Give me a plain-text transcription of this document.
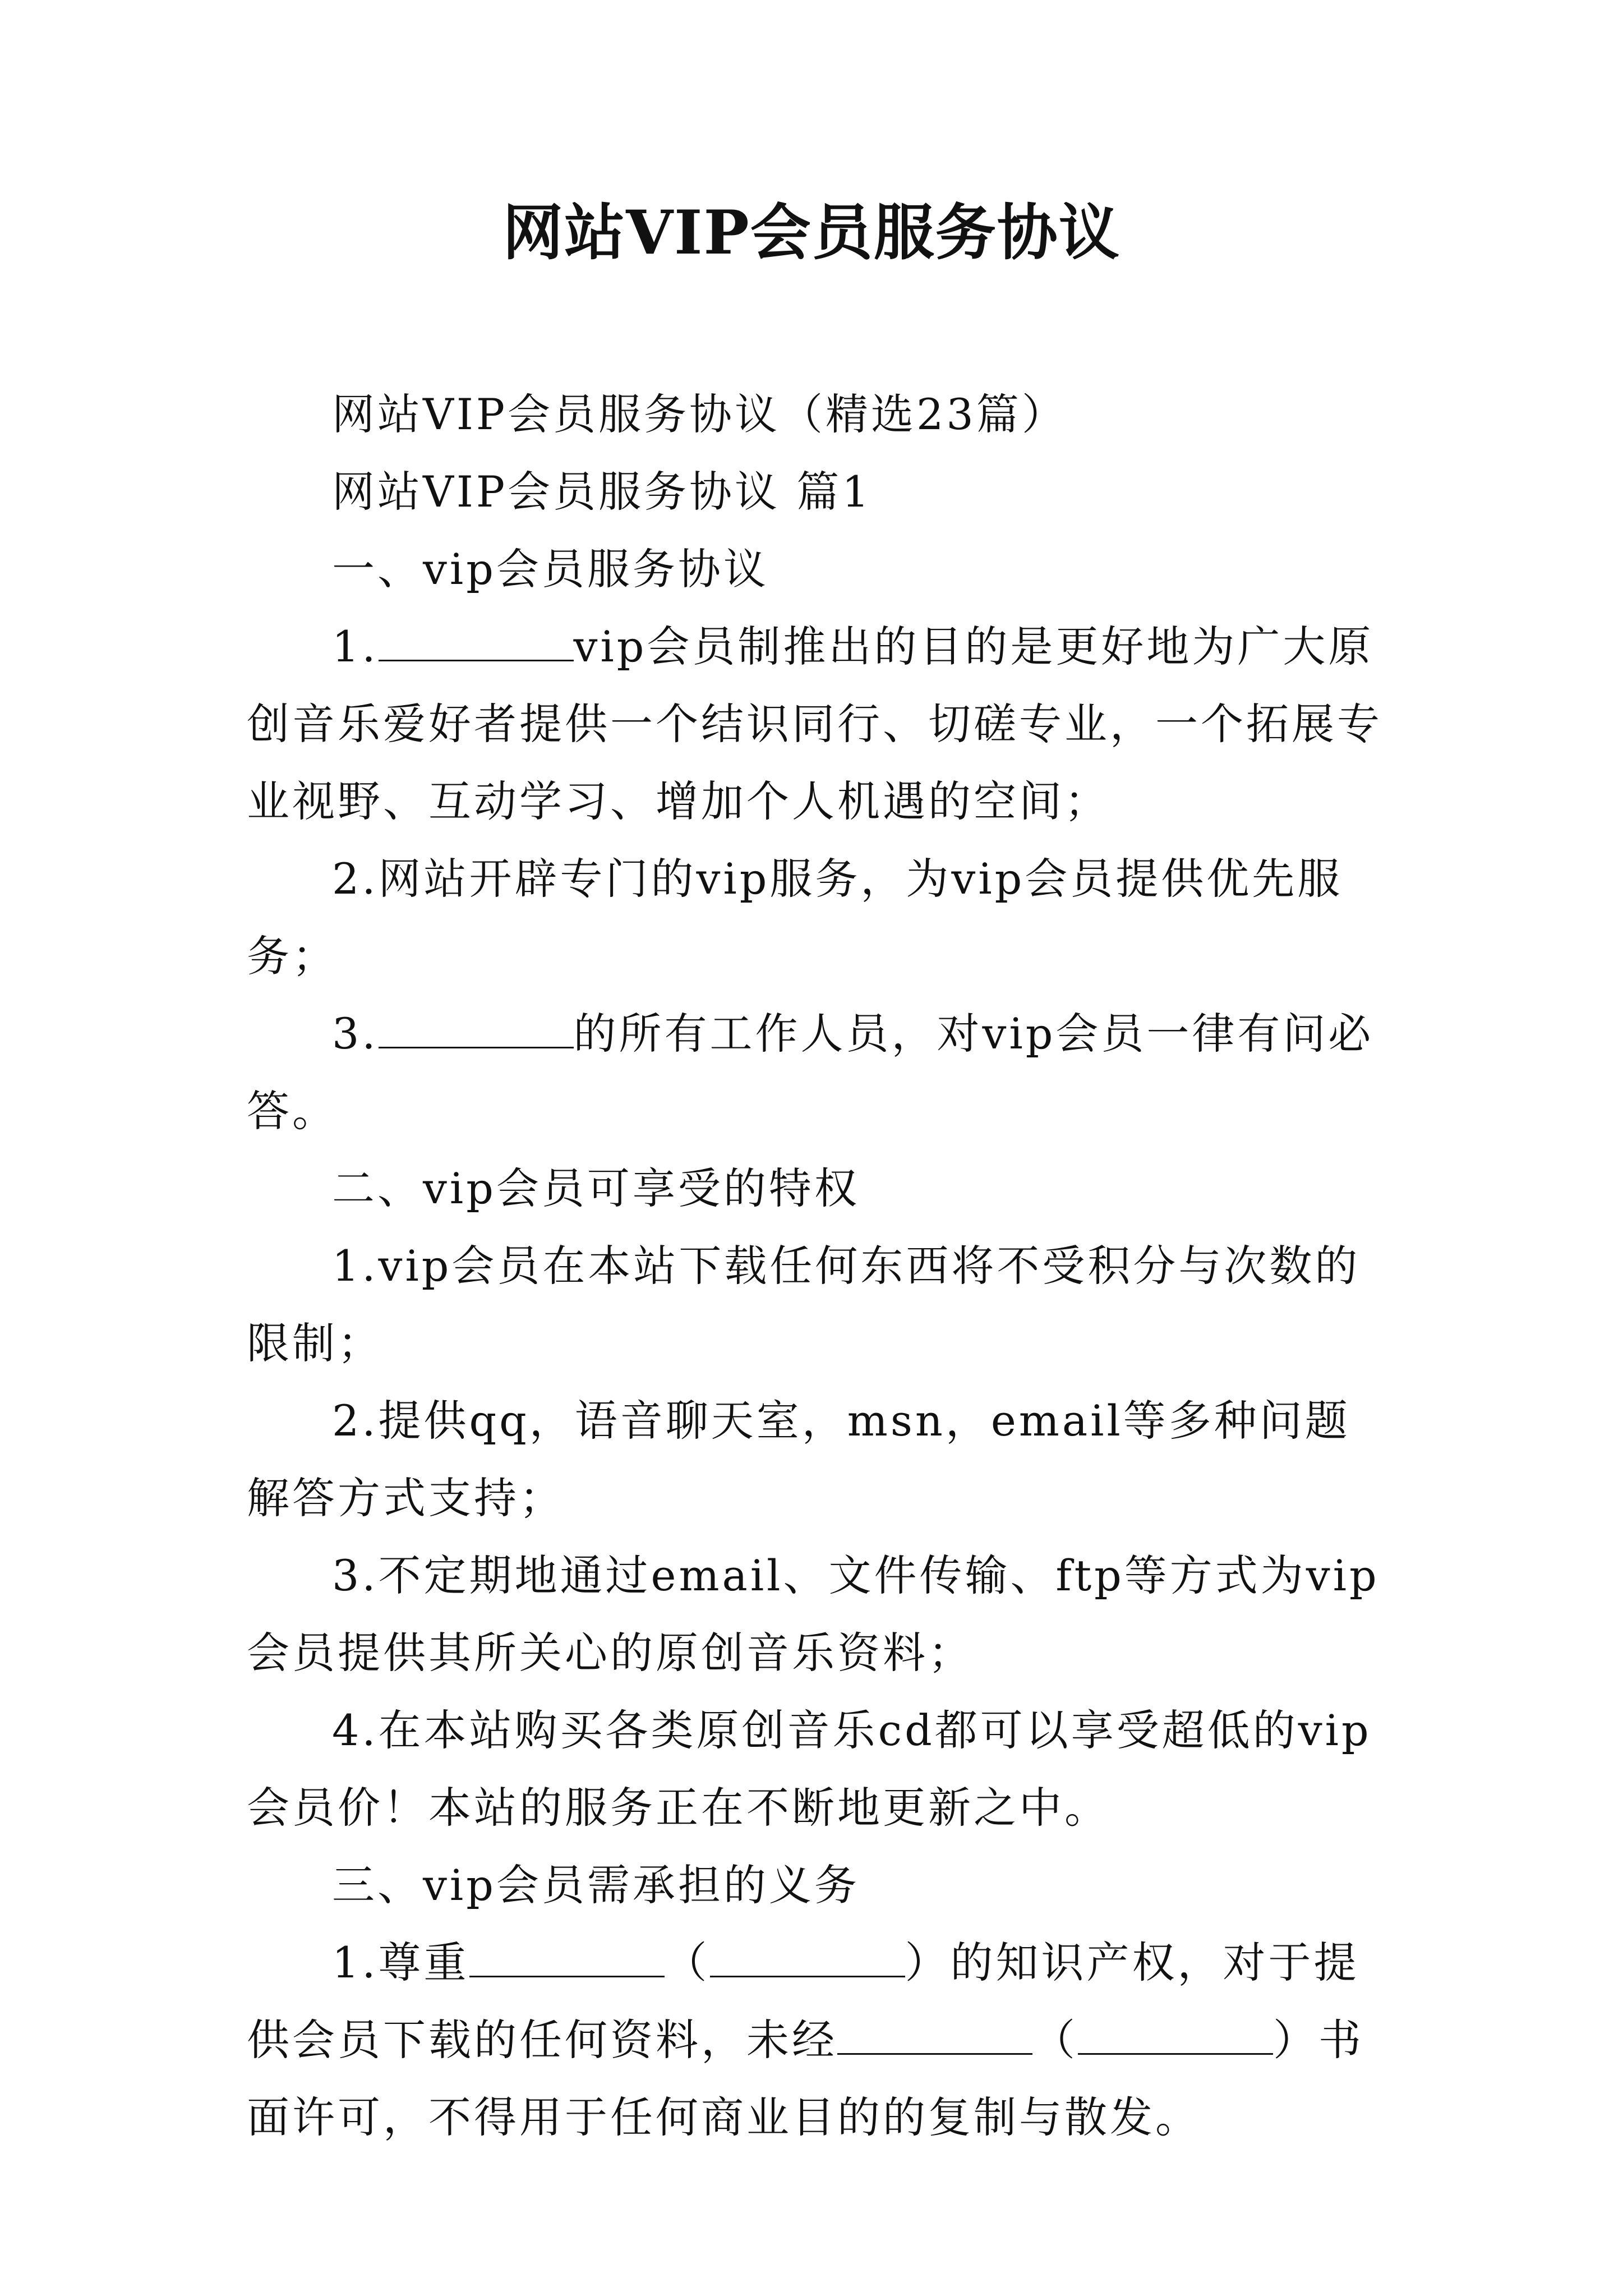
网站VIP会员服务协议

网站VIP会员服务协议（精选23篇）

网站VIP会员服务协议 篇1

一、vip会员服务协议

1.	vip会员制推出的目的是更好地为广大原创音乐爱好者提供一个结识同行、切磋专业，一个拓展专业视野、互动学习、增加个人机遇的空间；

2.网站开辟专门的vip服务，为vip会员提供优先服务；

3.	的所有工作人员，对vip会员一律有问必答。

二、vip会员可享受的特权

1.vip会员在本站下载任何东西将不受积分与次数的限制；

2.提供qq，语音聊天室，msn，email等多种问题解答方式支持；

3.不定期地通过email、文件传输、ftp等方式为vip会员提供其所关心的原创音乐资料；

4.在本站购买各类原创音乐cd都可以享受超低的vip会员价！本站的服务正在不断地更新之中。

三、vip会员需承担的义务

1.尊重	（	）的知识产权，对于提供会员下载的任何资料，未经	（	）书面许可，不得用于任何商业目的的复制与散发。
